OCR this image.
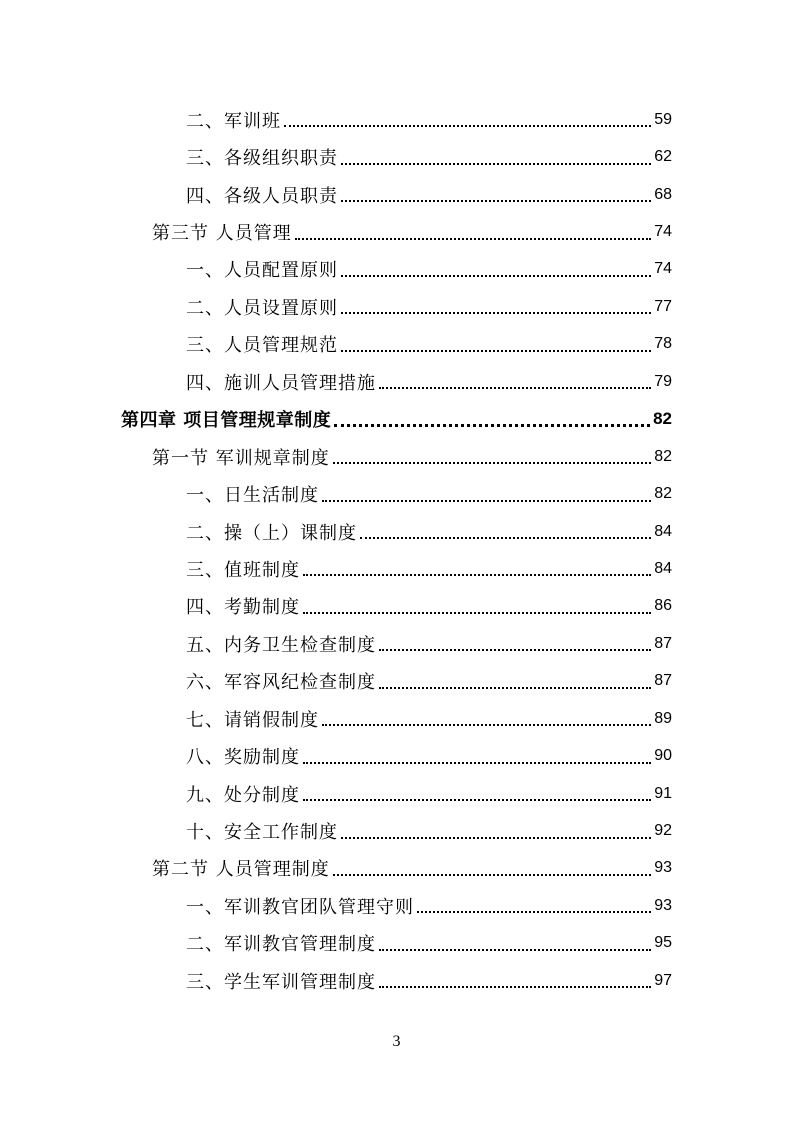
二、军训班	59
三、各级组织职责	62
四、各级人员职责	68
第三节 人员管理	74
一、人员配置原则	74
二、人员设置原则	77
三、人员管理规范	78
四、施训人员管理措施	79
第四章 项目管理规章制度	82
第一节 军训规章制度	82
一、日生活制度	82
二、操（上）课制度	84
三、值班制度	84
四、考勤制度	86
五、内务卫生检查制度	87
六、军容风纪检查制度	87
七、请销假制度	89
八、奖励制度	90
九、处分制度	91
十、安全工作制度	92
第二节 人员管理制度	93
一、军训教官团队管理守则	93
二、军训教官管理制度	95
三、学生军训管理制度	97
3
